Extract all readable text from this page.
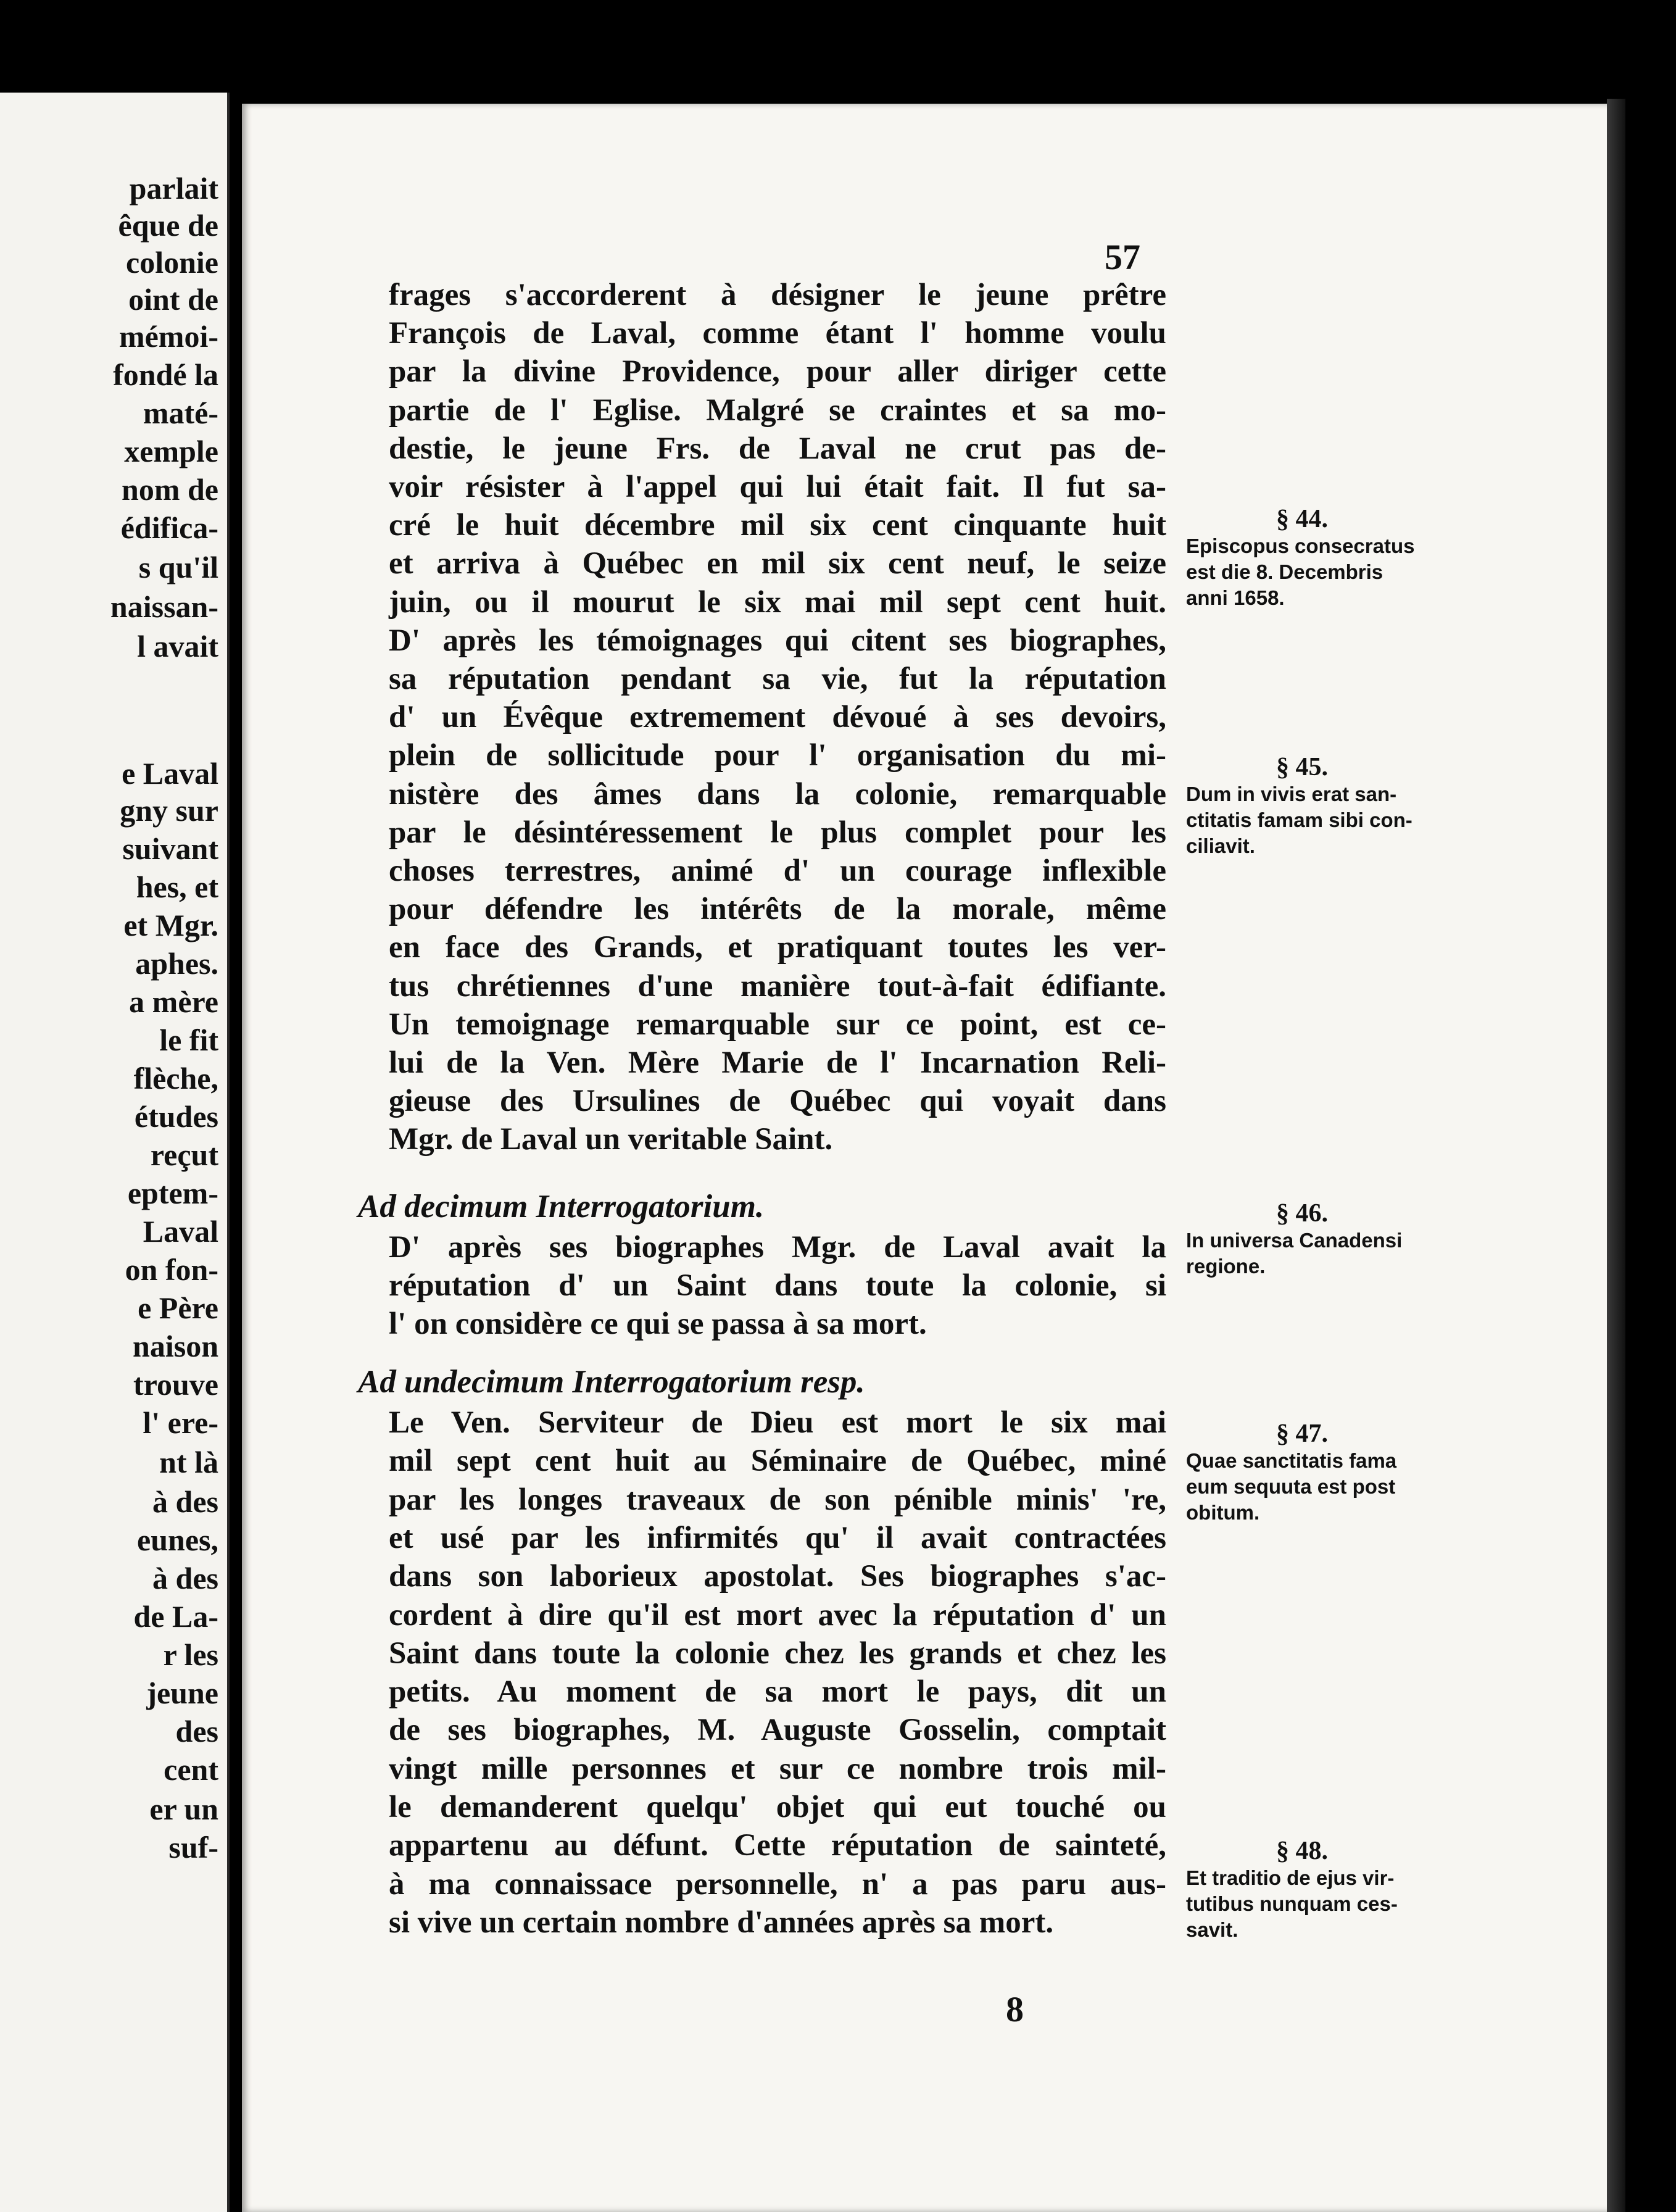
parlait
êque de
colonie
oint de
mémoi-
fondé la
maté-
xemple
nom de
édifica-
s qu'il
naissan-
l avait
e Laval
gny sur
suivant
hes, et
et Mgr.
aphes.
a mère
le fit
flèche,
études
reçut
eptem-
Laval
on fon-
e Père
naison
trouve
l' ere-
nt là
à des
eunes,
à des
de La-
r les
jeune
des
cent
er un
suf-
57
frages s'accorderent à désigner le jeune prêtre
François de Laval, comme étant l' homme voulu
par la divine Providence, pour aller diriger cette
partie de l' Eglise. Malgré se craintes et sa mo-
destie, le jeune Frs. de Laval ne crut pas de-
voir résister à l'appel qui lui était fait. Il fut sa-
cré le huit décembre mil six cent cinquante huit
et arriva à Québec en mil six cent neuf, le seize
juin, ou il mourut le six mai mil sept cent huit.
D' après les témoignages qui citent ses biographes,
sa réputation pendant sa vie, fut la réputation
d' un Évêque extremement dévoué à ses devoirs,
plein de sollicitude pour l' organisation du mi-
nistère des âmes dans la colonie, remarquable
par le désintéressement le plus complet pour les
choses terrestres, animé d' un courage inflexible
pour défendre les intérêts de la morale, même
en face des Grands, et pratiquant toutes les ver-
tus chrétiennes d'une manière tout-à-fait édifiante.
Un temoignage remarquable sur ce point, est ce-
lui de la Ven. Mère Marie de l' Incarnation Reli-
gieuse des Ursulines de Québec qui voyait dans
Mgr. de Laval un veritable Saint.
Ad decimum Interrogatorium.
D' après ses biographes Mgr. de Laval avait la
réputation d' un Saint dans toute la colonie, si
l' on considère ce qui se passa à sa mort.
Ad undecimum Interrogatorium resp.
Le Ven. Serviteur de Dieu est mort le six mai
mil sept cent huit au Séminaire de Québec, miné
par les longes traveaux de son pénible minis' 're,
et usé par les infirmités qu' il avait contractées
dans son laborieux apostolat. Ses biographes s'ac-
cordent à dire qu'il est mort avec la réputation d' un
Saint dans toute la colonie chez les grands et chez les
petits. Au moment de sa mort le pays, dit un
de ses biographes, M. Auguste Gosselin, comptait
vingt mille personnes et sur ce nombre trois mil-
le demanderent quelqu' objet qui eut touché ou
appartenu au défunt. Cette réputation de sainteté,
à ma connaissace personnelle, n' a pas paru aus-
si vive un certain nombre d'années après sa mort.
§ 44.
Episcopus consecratus
est die 8. Decembris
anni 1658.
§ 45.
Dum in vivis erat san-
ctitatis famam sibi con-
ciliavit.
§ 46.
In universa Canadensi
regione.
§ 47.
Quae sanctitatis fama
eum sequuta est post
obitum.
§ 48.
Et traditio de ejus vir-
tutibus nunquam ces-
savit.
8
